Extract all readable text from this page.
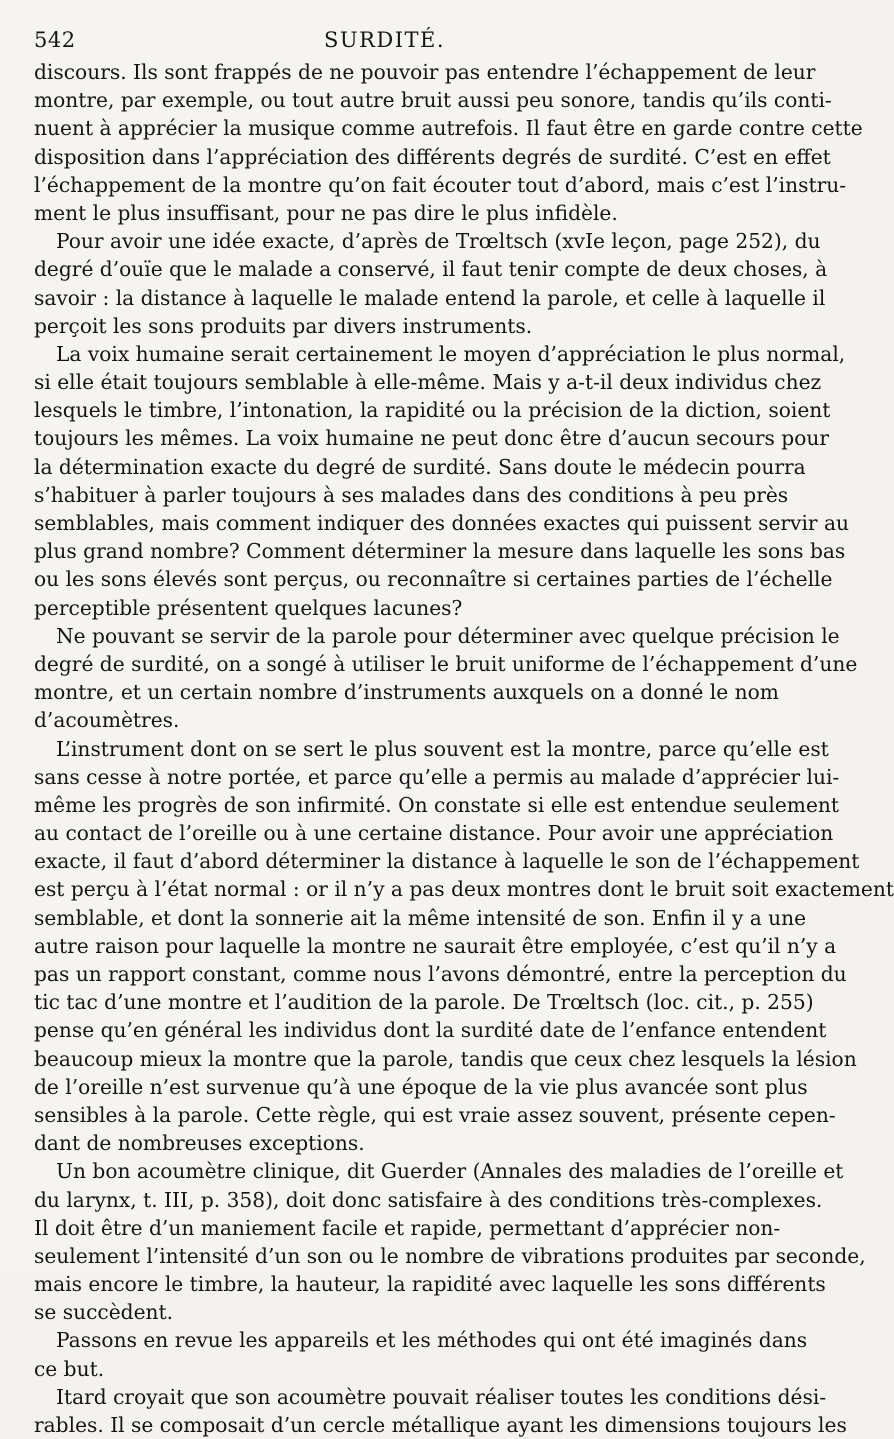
542	SURDITÉ.
discours. Ils sont frappés de ne pouvoir pas entendre l’échappement de leur
montre, par exemple, ou tout autre bruit aussi peu sonore, tandis qu’ils conti-
nuent à apprécier la musique comme autrefois. Il faut être en garde contre cette
disposition dans l’appréciation des différents degrés de surdité. C’est en effet
l’échappement de la montre qu’on fait écouter tout d’abord, mais c’est l’instru-
ment le plus insuffisant, pour ne pas dire le plus infidèle.
Pour avoir une idée exacte, d’après de Trœltsch (xvIe leçon, page 252), du
degré d’ouïe que le malade a conservé, il faut tenir compte de deux choses, à
savoir : la distance à laquelle le malade entend la parole, et celle à laquelle il
perçoit les sons produits par divers instruments.
La voix humaine serait certainement le moyen d’appréciation le plus normal,
si elle était toujours semblable à elle-même. Mais y a-t-il deux individus chez
lesquels le timbre, l’intonation, la rapidité ou la précision de la diction, soient
toujours les mêmes. La voix humaine ne peut donc être d’aucun secours pour
la détermination exacte du degré de surdité. Sans doute le médecin pourra
s’habituer à parler toujours à ses malades dans des conditions à peu près
semblables, mais comment indiquer des données exactes qui puissent servir au
plus grand nombre? Comment déterminer la mesure dans laquelle les sons bas
ou les sons élevés sont perçus, ou reconnaître si certaines parties de l’échelle
perceptible présentent quelques lacunes?
Ne pouvant se servir de la parole pour déterminer avec quelque précision le
degré de surdité, on a songé à utiliser le bruit uniforme de l’échappement d’une
montre, et un certain nombre d’instruments auxquels on a donné le nom
d’acoumètres.
L’instrument dont on se sert le plus souvent est la montre, parce qu’elle est
sans cesse à notre portée, et parce qu’elle a permis au malade d’apprécier lui-
même les progrès de son infirmité. On constate si elle est entendue seulement
au contact de l’oreille ou à une certaine distance. Pour avoir une appréciation
exacte, il faut d’abord déterminer la distance à laquelle le son de l’échappement
est perçu à l’état normal : or il n’y a pas deux montres dont le bruit soit exactement
semblable, et dont la sonnerie ait la même intensité de son. Enfin il y a une
autre raison pour laquelle la montre ne saurait être employée, c’est qu’il n’y a
pas un rapport constant, comme nous l’avons démontré, entre la perception du
tic tac d’une montre et l’audition de la parole. De Trœltsch (loc. cit., p. 255)
pense qu’en général les individus dont la surdité date de l’enfance entendent
beaucoup mieux la montre que la parole, tandis que ceux chez lesquels la lésion
de l’oreille n’est survenue qu’à une époque de la vie plus avancée sont plus
sensibles à la parole. Cette règle, qui est vraie assez souvent, présente cepen-
dant de nombreuses exceptions.
Un bon acoumètre clinique, dit Guerder (Annales des maladies de l’oreille et
du larynx, t. III, p. 358), doit donc satisfaire à des conditions très-complexes.
Il doit être d’un maniement facile et rapide, permettant d’apprécier non-
seulement l’intensité d’un son ou le nombre de vibrations produites par seconde,
mais encore le timbre, la hauteur, la rapidité avec laquelle les sons différents
se succèdent.
Passons en revue les appareils et les méthodes qui ont été imaginés dans
ce but.
Itard croyait que son acoumètre pouvait réaliser toutes les conditions dési-
rables. Il se composait d’un cercle métallique ayant les dimensions toujours les
